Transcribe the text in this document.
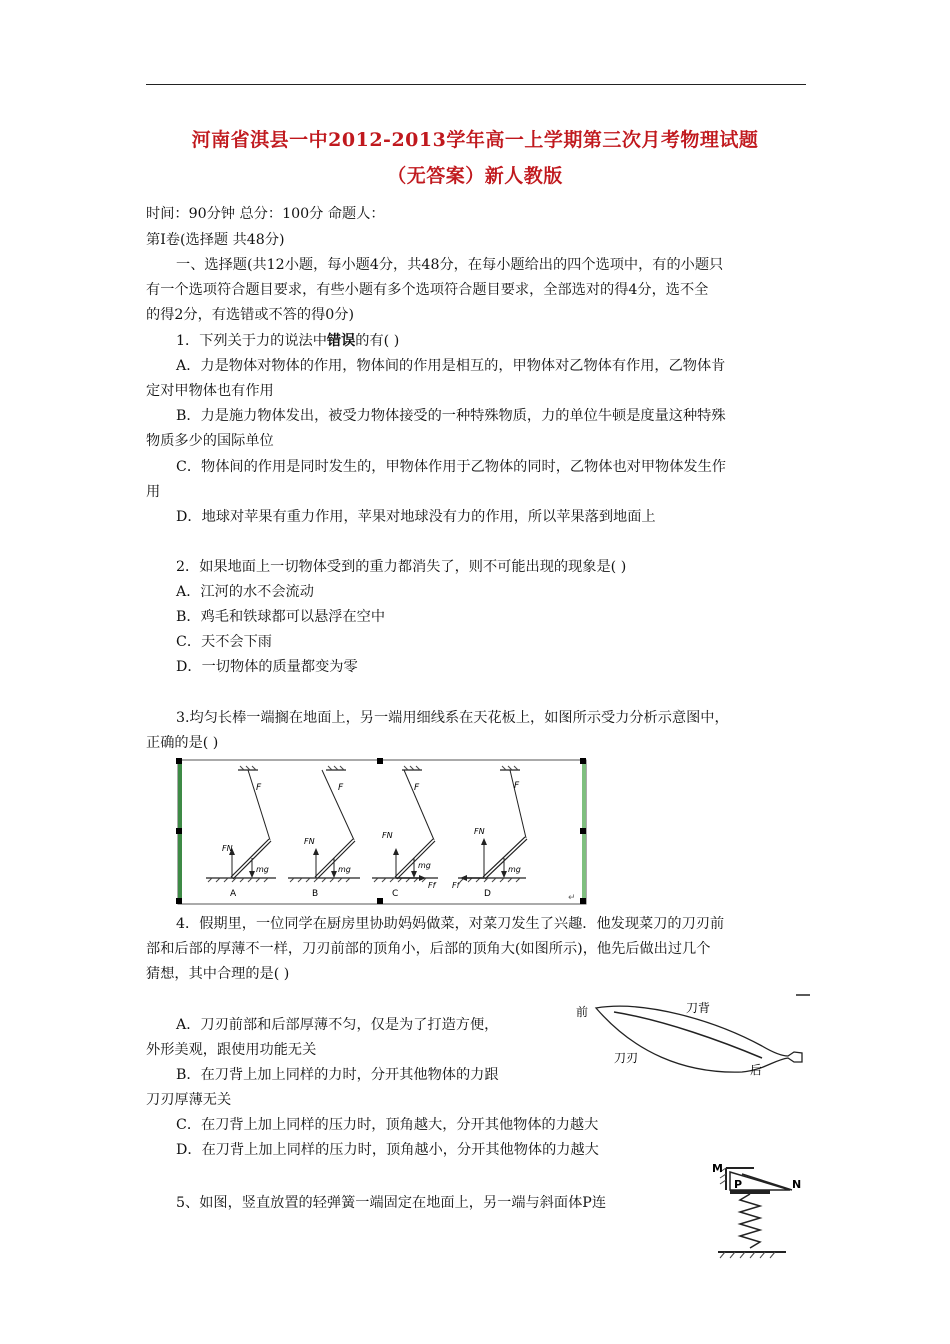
河南省淇县一中2012-2013学年高一上学期第三次月考物理试题
（无答案）新人教版
时间：90分钟 总分：100分 命题人：
第Ⅰ卷(选择题 共48分)
一、选择题(共12小题，每小题4分，共48分，在每小题给出的四个选项中，有的小题只
有一个选项符合题目要求，有些小题有多个选项符合题目要求，全部选对的得4分，选不全
的得2分，有选错或不答的得0分)
1．下列关于力的说法中错误的有( )
A．力是物体对物体的作用，物体间的作用是相互的，甲物体对乙物体有作用，乙物体肯
定对甲物体也有作用
B．力是施力物体发出，被受力物体接受的一种特殊物质，力的单位牛顿是度量这种特殊
物质多少的国际单位
C．物体间的作用是同时发生的，甲物体作用于乙物体的同时，乙物体也对甲物体发生作
用
D．地球对苹果有重力作用，苹果对地球没有力的作用，所以苹果落到地面上
2．如果地面上一切物体受到的重力都消失了，则不可能出现的现象是( )
A．江河的水不会流动
B．鸡毛和铁球都可以悬浮在空中
C．天不会下雨
D．一切物体的质量都变为零
3.均匀长棒一端搁在地面上，另一端用细线系在天花板上，如图所示受力分析示意图中，
正确的是( )
↵
F
FN
mg
A
F
FN
mg
B
F
FN
mg
Ff
C
F
FN
mg
Ff
D
4．假期里，一位同学在厨房里协助妈妈做菜，对菜刀发生了兴趣．他发现菜刀的刀刃前
部和后部的厚薄不一样，刀刃前部的顶角小，后部的顶角大(如图所示)，他先后做出过几个
猜想，其中合理的是( )
前	刀背
刀刃
后
A．刀刃前部和后部厚薄不匀，仅是为了打造方便，
外形美观，跟使用功能无关
B．在刀背上加上同样的力时，分开其他物体的力跟
刀刃厚薄无关
C．在刀背上加上同样的压力时，顶角越大，分开其他物体的力越大
D．在刀背上加上同样的压力时，顶角越小，分开其他物体的力越大
5、如图，竖直放置的轻弹簧一端固定在地面上，另一端与斜面体P连
M
P	N
